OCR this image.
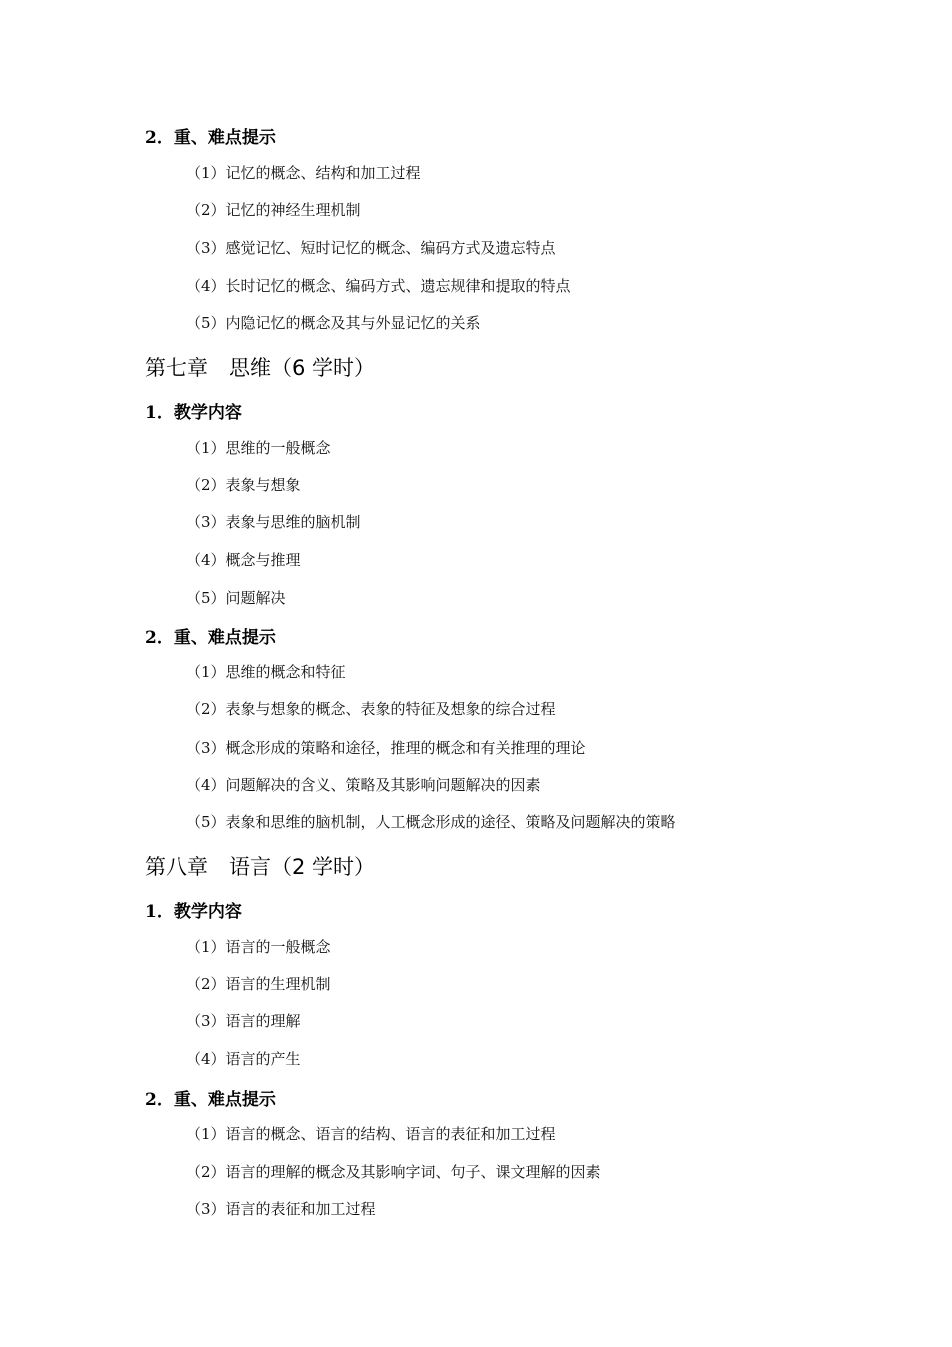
2．重、难点提示
（1）记忆的概念、结构和加工过程
（2）记忆的神经生理机制
（3）感觉记忆、短时记忆的概念、编码方式及遗忘特点
（4）长时记忆的概念、编码方式、遗忘规律和提取的特点
（5）内隐记忆的概念及其与外显记忆的关系
第七章　思维（6 学时）
1．教学内容
（1）思维的一般概念
（2）表象与想象
（3）表象与思维的脑机制
（4）概念与推理
（5）问题解决
2．重、难点提示
（1）思维的概念和特征
（2）表象与想象的概念、表象的特征及想象的综合过程
（3）概念形成的策略和途径，推理的概念和有关推理的理论
（4）问题解决的含义、策略及其影响问题解决的因素
（5）表象和思维的脑机制，人工概念形成的途径、策略及问题解决的策略
第八章　语言（2 学时）
1．教学内容
（1）语言的一般概念
（2）语言的生理机制
（3）语言的理解
（4）语言的产生
2．重、难点提示
（1）语言的概念、语言的结构、语言的表征和加工过程
（2）语言的理解的概念及其影响字词、句子、课文理解的因素
（3）语言的表征和加工过程
